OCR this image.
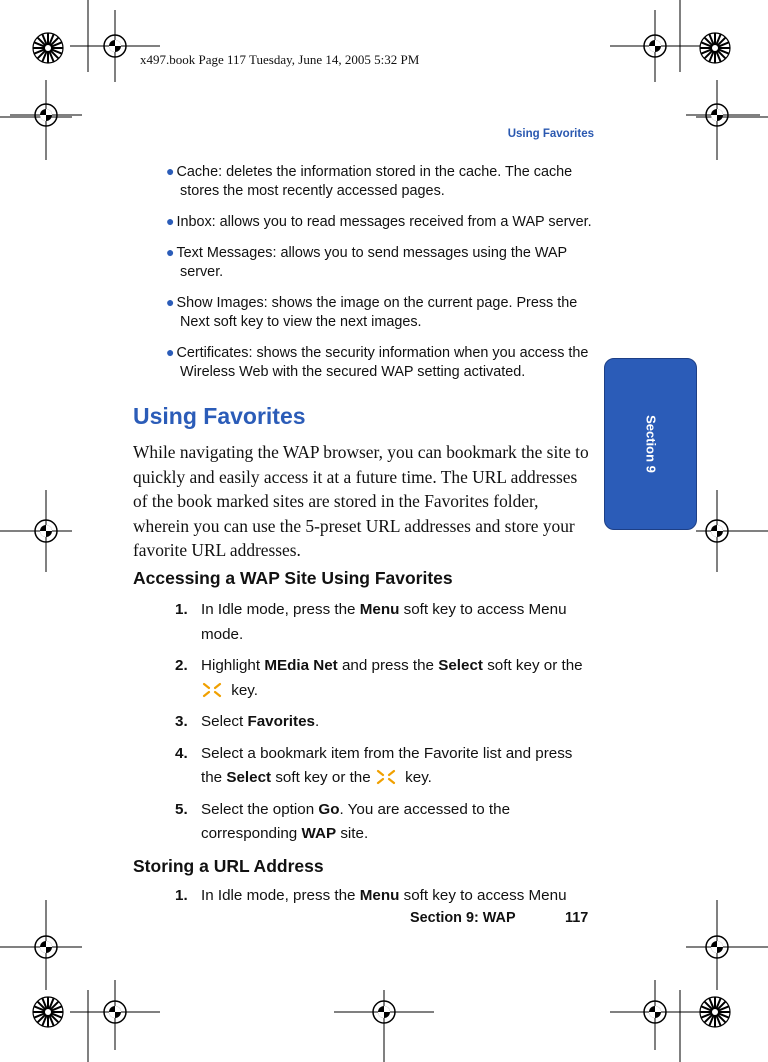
x497.book Page 117 Tuesday, June 14, 2005 5:32 PM
Using Favorites
Section 9
● Cache: deletes the information stored in the cache. The cache stores the most recently accessed pages.
● Inbox: allows you to read messages received from a WAP server.
● Text Messages: allows you to send messages using the WAP server.
● Show Images: shows the image on the current page. Press the Next soft key to view the next images.
● Certificates: shows the security information when you access the Wireless Web with the secured WAP setting activated.
Using Favorites
While navigating the WAP browser, you can bookmark the site to quickly and easily access it at a future time. The URL addresses of the book marked sites are stored in the Favorites folder, wherein you can use the 5-preset URL addresses and store your favorite URL addresses.
Accessing a WAP Site Using Favorites
1. In Idle mode, press the Menu soft key to access Menu mode.
2. Highlight MEdia Net and press the Select soft key or the
key.
3. Select Favorites.
4. Select a bookmark item from the Favorite list and press the Select soft key or the  key.
5. Select the option Go. You are accessed to the corresponding WAP site.
Storing a URL Address
1. In Idle mode, press the Menu soft key to access Menu
Section 9: WAP	117
